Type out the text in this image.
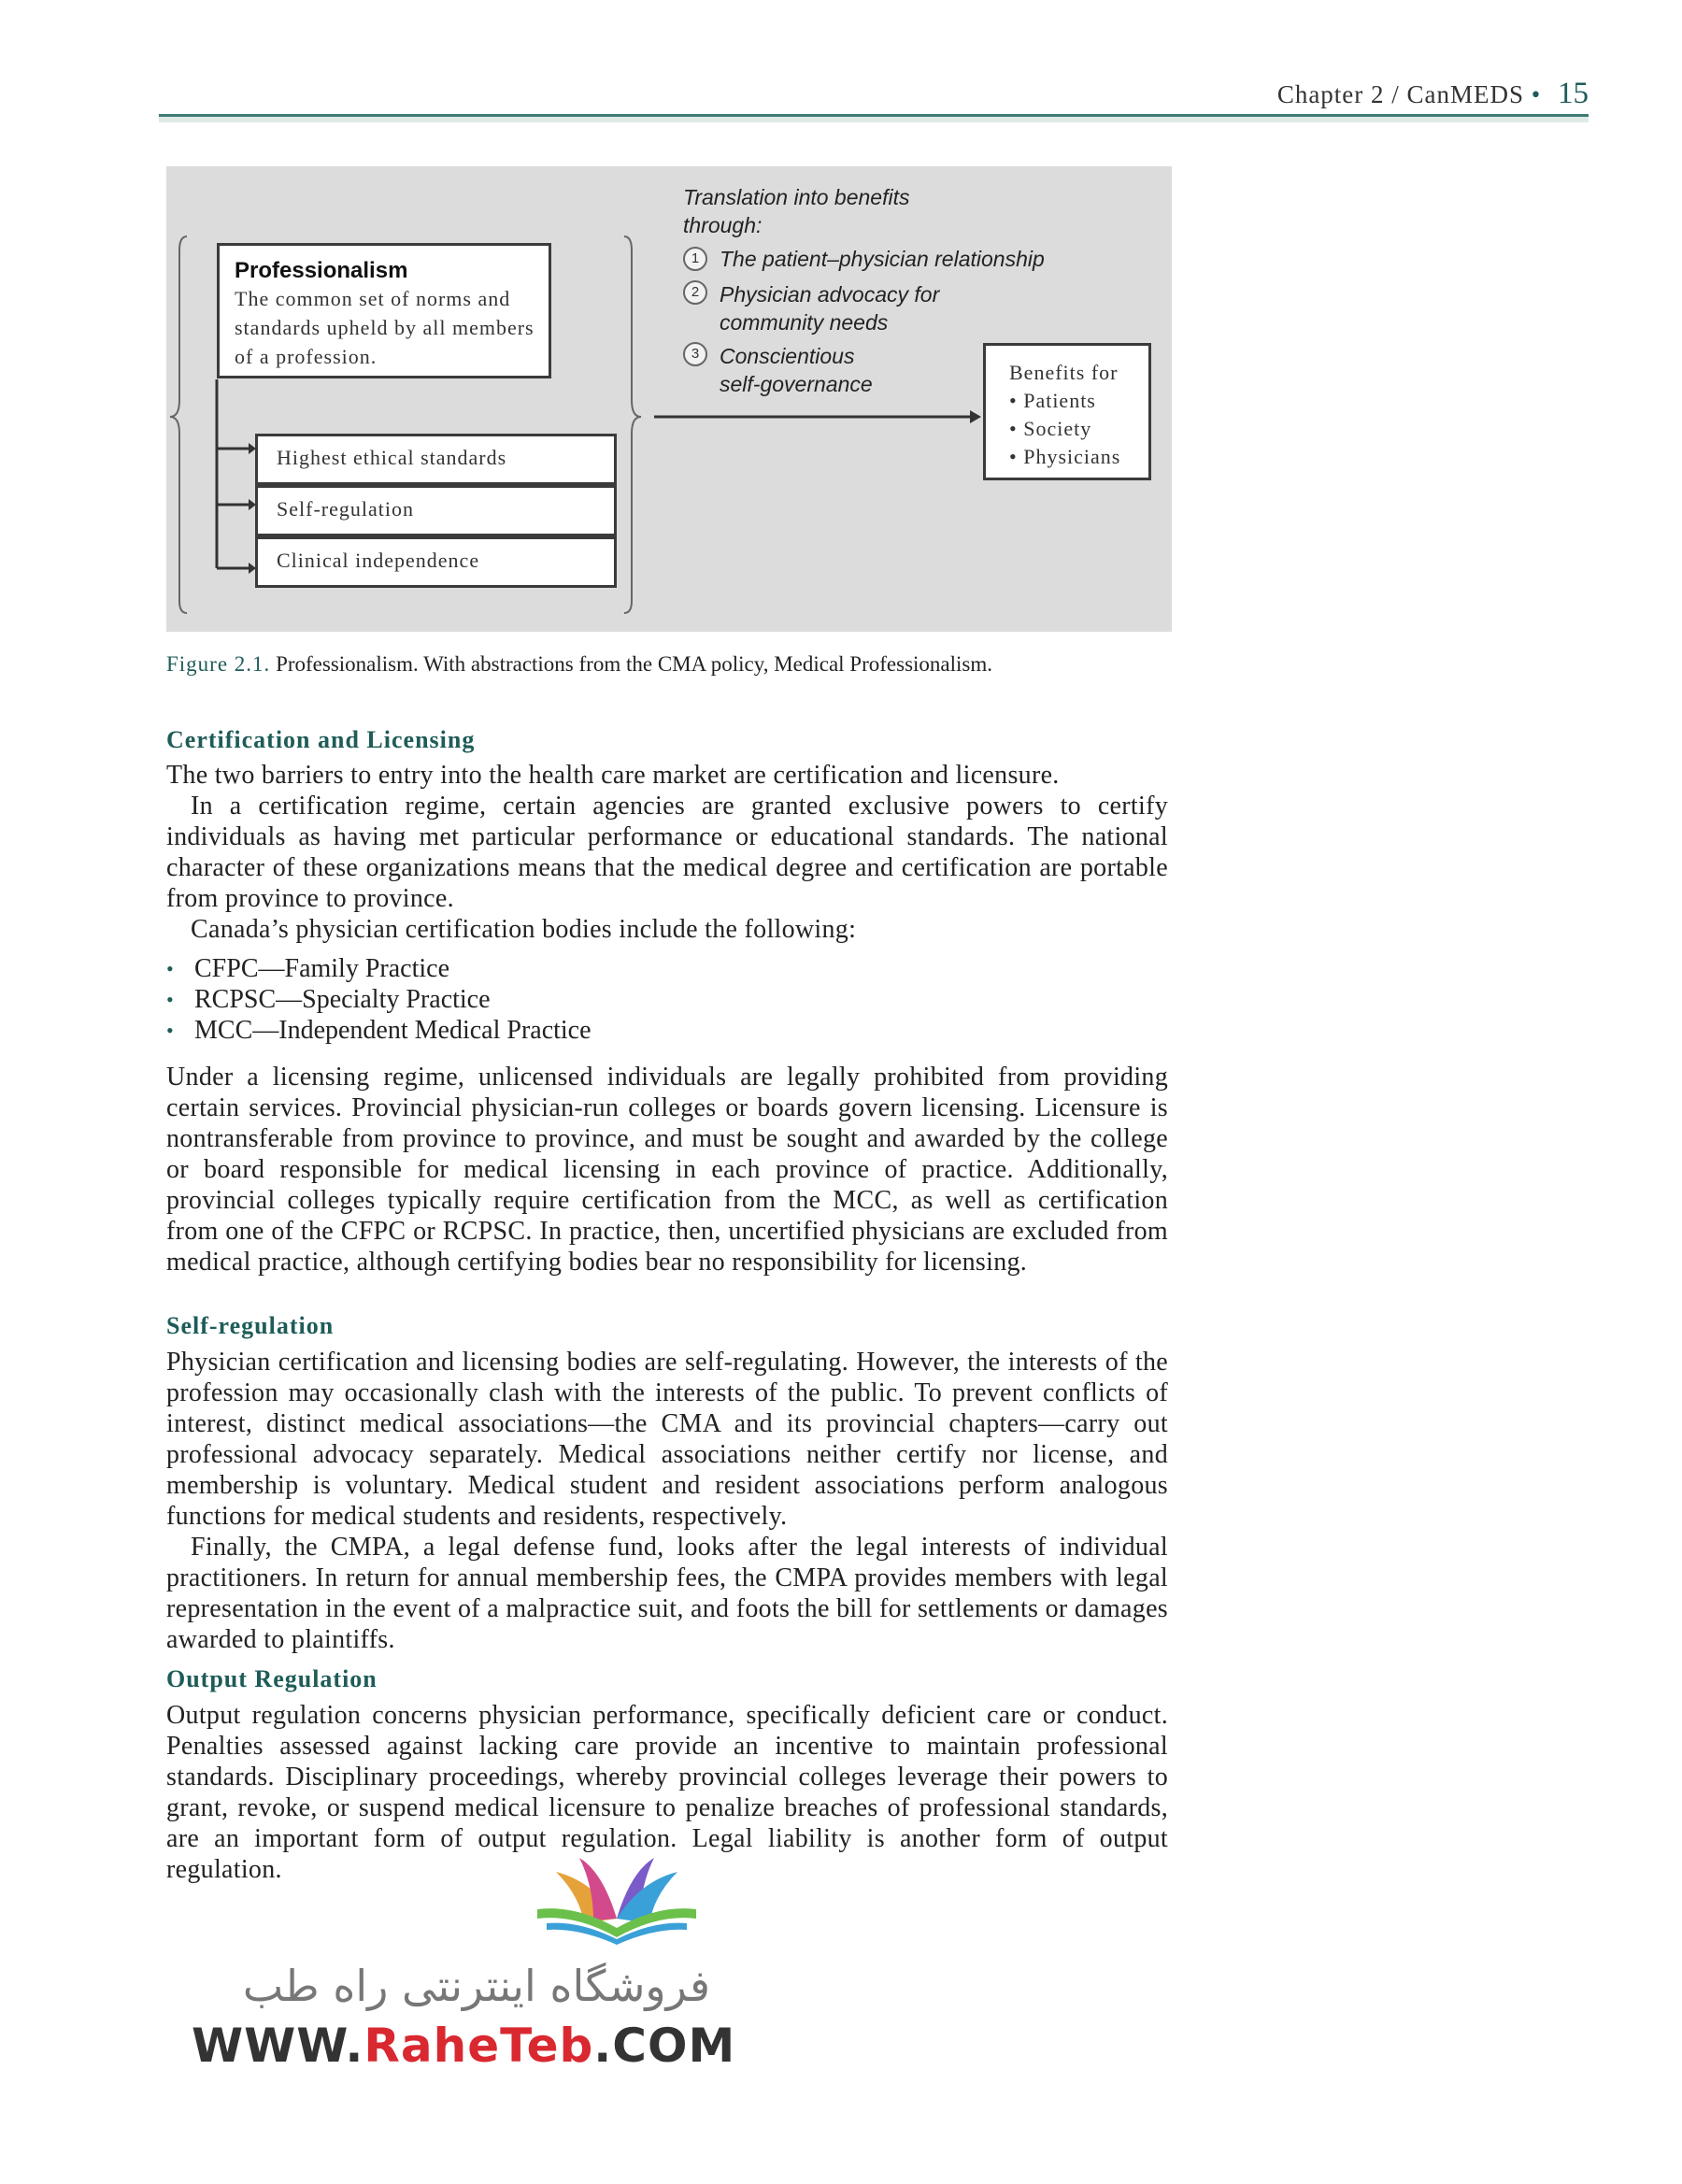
Chapter 2 / CanMEDS • 15
Professionalism
The common set of norms and
standards upheld by all members
of a profession.
Highest ethical standards
Self-regulation
Clinical independence
Translation into benefits
through:
1 The patient–physician relationship
2 Physician advocacy for
community needs
3 Conscientious
self-governance	Benefits for
• Patients
• Society
• Physicians
Figure 2.1. Professionalism. With abstractions from the CMA policy, Medical Professionalism.
Certification and Licensing
The two barriers to entry into the health care market are certification and licensure.
In a certification regime, certain agencies are granted exclusive powers to certify individuals as having met particular performance or educational standards. The national character of these organizations means that the medical degree and certification are portable from province to province.
Canada’s physician certification bodies include the following:
• CFPC—Family Practice
• RCPSC—Specialty Practice
• MCC—Independent Medical Practice
Under a licensing regime, unlicensed individuals are legally prohibited from providing certain services. Provincial physician-run colleges or boards govern licensing. Licensure is nontransferable from province to province, and must be sought and awarded by the college or board responsible for medical licensing in each province of practice. Additionally, provincial colleges typically require certification from the MCC, as well as certification from one of the CFPC or RCPSC. In practice, then, uncertified physicians are excluded from medical practice, although certifying bodies bear no responsibility for licensing.
Self-regulation
Physician certification and licensing bodies are self-regulating. However, the interests of the profession may occasionally clash with the interests of the public. To prevent conflicts of interest, distinct medical associations—the CMA and its provincial chapters—carry out professional advocacy separately. Medical associations neither certify nor license, and membership is voluntary. Medical student and resident associations perform analogous functions for medical students and residents, respectively.
Finally, the CMPA, a legal defense fund, looks after the legal interests of individual practitioners. In return for annual membership fees, the CMPA provides members with legal representation in the event of a malpractice suit, and foots the bill for settlements or damages awarded to plaintiffs.
Output Regulation
Output regulation concerns physician performance, specifically deficient care or conduct. Penalties assessed against lacking care provide an incentive to maintain professional standards. Disciplinary proceedings, whereby provincial colleges leverage their powers to grant, revoke, or suspend medical licensure to penalize breaches of professional standards, are an important form of output regulation. Legal liability is another form of output regulation.
فروشگاه اینترنتی راه طب
WWW.RaheTeb.COM
